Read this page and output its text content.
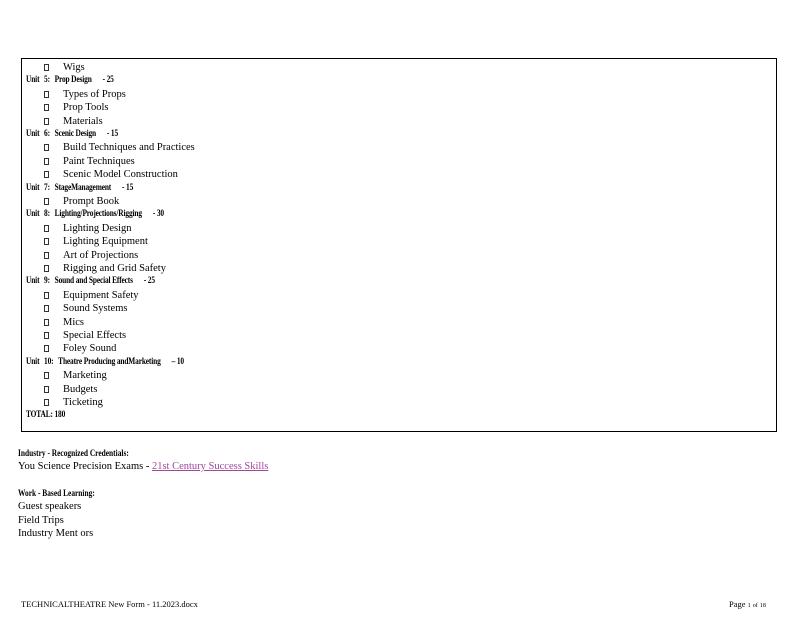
Wigs
Unit 5: Prop Design - 25
Types of Props
Prop Tools
Materials
Unit 6: Scenic Design - 15
Build Techniques and Practices
Paint Techniques
Scenic Model Construction
Unit 7: StageManagement - 15
Prompt Book
Unit 8: Lighting/Projections/Rigging - 30
Lighting Design
Lighting Equipment
Art of Projections
Rigging and Grid Safety
Unit 9: Sound and Special Effects - 25
Equipment Safety
Sound Systems
Mics
Special Effects
Foley Sound
Unit 10: Theatre Producing andMarketing – 10
Marketing
Budgets
Ticketing
TOTAL: 180
Industry - Recognized Credentials:
You Science Precision Exams - 21st Century Success Skills
Work - Based Learning:
Guest speakers
Field Trips
Industry Ment ors
TECHNICALTHEATRE New Form - 11.2023.docx	Page 1 of 18
